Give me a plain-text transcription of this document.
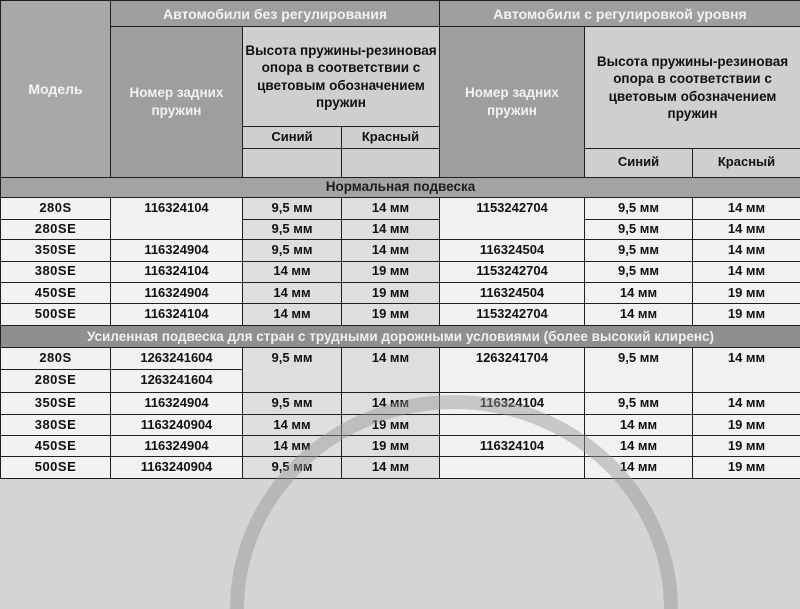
Модель	Автомобили без регулирования			Автомобили с регулировкой уровня		
	Номер задних пружин	Высота пружины-резиновая опора в соответствии с цветовым обозначением пружин		Номер задних пружин	Высота пружины-резиновая опора в соответствии с цветовым обозначением пружин	
		Синий	Красный			
					Синий	Красный
Нормальная подвеска						
280S	116324104	9,5 мм	14 мм	1153242704	9,5 мм	14 мм
280SE		9,5 мм	14 мм		9,5 мм	14 мм
350SE	116324904	9,5 мм	14 мм	116324504	9,5 мм	14 мм
380SE	116324104	14 мм	19 мм	1153242704	9,5 мм	14 мм
450SE	116324904	14 мм	19 мм	116324504	14 мм	19 мм
500SE	116324104	14 мм	19 мм	1153242704	14 мм	19 мм
Усиленная подвеска для стран с трудными дорожными условиями (более высокий клиренс)						
280S	1263241604	9,5 мм	14 мм	1263241704	9,5 мм	14 мм
280SE	1263241604					
350SE	116324904	9,5 мм	14 мм	116324104	9,5 мм	14 мм
380SE	1163240904	14 мм	19 мм		14 мм	19 мм
450SE	116324904	14 мм	19 мм	116324104	14 мм	19 мм
500SE	1163240904	9,5 мм	14 мм		14 мм	19 мм
